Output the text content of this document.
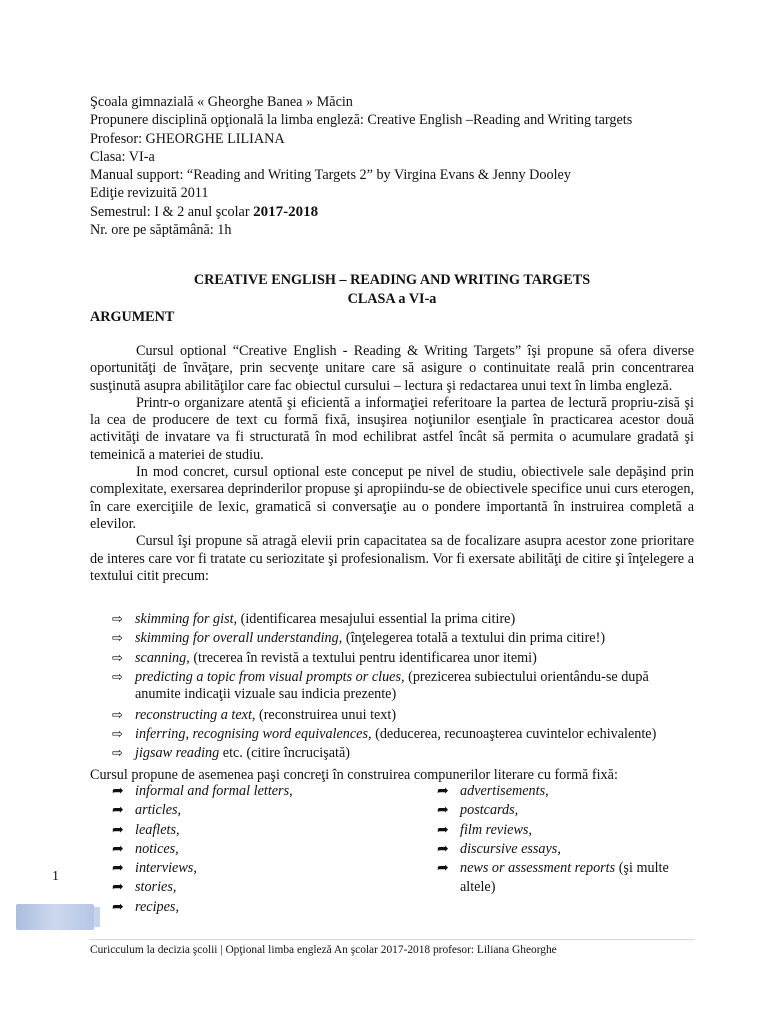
Şcoala gimnazială « Gheorghe Banea » Măcin
Propunere disciplină opţională la limba engleză: Creative English –Reading and Writing targets
Profesor: GHEORGHE LILIANA
Clasa: VI-a
Manual support: “Reading and Writing Targets 2” by Virgina Evans & Jenny Dooley
Ediţie revizuită 2011
Semestrul: I & 2 anul şcolar 2017-2018
Nr. ore pe săptămână: 1h
CREATIVE ENGLISH – READING AND WRITING TARGETS
CLASA a VI-a
ARGUMENT

Cursul optional “Creative English - Reading & Writing Targets” îşi propune să ofera diverse oportunităţi de învăţare, prin secvenţe unitare care să asigure o continuitate reală prin concentrarea susţinută asupra abilităţilor care fac obiectul cursului – lectura şi redactarea unui text în limba engleză.

Printr-o organizare atentă şi eficientă a informaţiei referitoare la partea de lectură propriu-zisă şi la cea de producere de text cu formă fixă, insuşirea noţiunilor esenţiale în practicarea acestor două activităţi de invatare va fi structurată în mod echilibrat astfel încât să permita o acumulare gradată şi temeinică a materiei de studiu.

In mod concret, cursul optional este conceput pe nivel de studiu, obiectivele sale depăşind prin complexitate, exersarea deprinderilor propuse şi apropiindu-se de obiectivele specifice unui curs eterogen, în care exerciţiile de lexic, gramatică si conversaţie au o pondere importantă în instruirea completă a elevilor.

Cursul îşi propune să atragă elevii prin capacitatea sa de focalizare asupra acestor zone prioritare de interes care vor fi tratate cu seriozitate şi profesionalism. Vor fi exersate abilităţi de citire şi înţelegere a textului citit precum:

⇨ skimming for gist, (identificarea mesajului essential la prima citire)
⇨ skimming for overall understanding, (înţelegerea totală a textului din prima citire!)
⇨ scanning, (trecerea în revistă a textului pentru identificarea unor itemi)
⇨ predicting a topic from visual prompts or clues, (prezicerea subiectului orientându-se după anumite indicaţii vizuale sau indicia prezente)
⇨ reconstructing a text, (reconstruirea unui text)
⇨ inferring, recognising word equivalences, (deducerea, recunoaşterea cuvintelor echivalente)
⇨ jigsaw reading etc. (citire încrucişată)
Cursul propune de asemenea paşi concreţi în construirea compunerilor literare cu formă fixă:
➦ informal and formal letters,
➦ articles,
➦ leaflets,
➦ notices,
➦ interviews,
➦ stories,
➦ recipes,
➦ advertisements,
➦ postcards,
➦ film reviews,
➦ discursive essays,
➦ news or assessment reports (şi multe altele)
1
Curicculum la decizia şcolii | Opţional limba engleză An şcolar 2017-2018 profesor: Liliana Gheorghe
